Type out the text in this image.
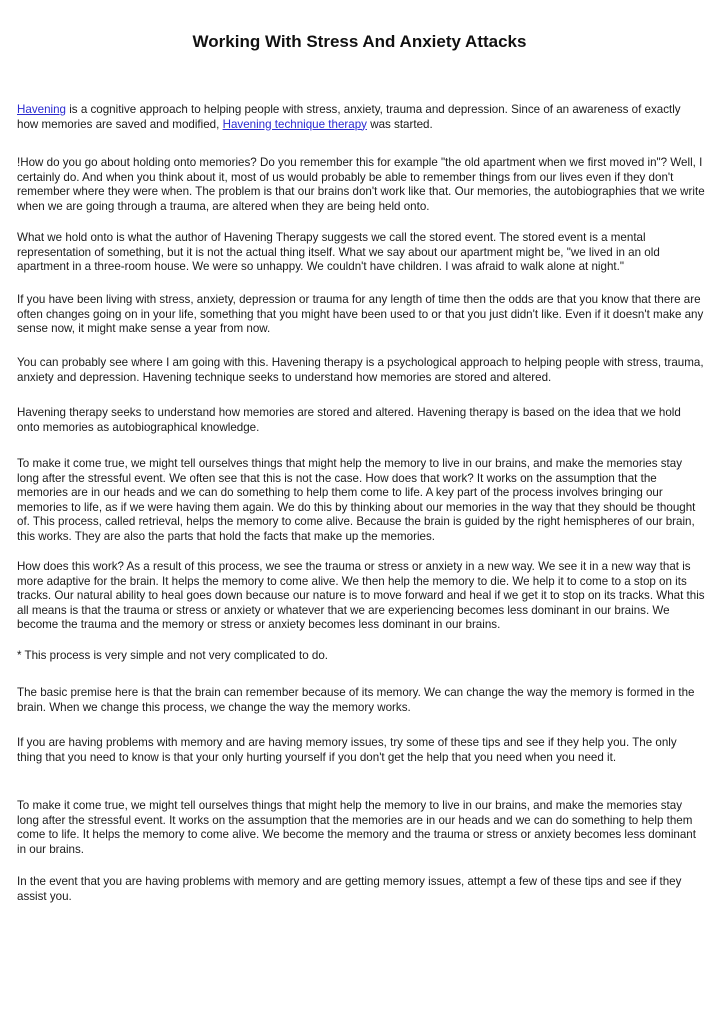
Working With Stress And Anxiety Attacks

Havening is a cognitive approach to helping people with stress, anxiety, trauma and depression. Since of an awareness of exactly how memories are saved and modified, Havening technique therapy was started.

!How do you go about holding onto memories? Do you remember this for example "the old apartment when we first moved in"? Well, I certainly do. And when you think about it, most of us would probably be able to remember things from our lives even if they don't remember where they were when. The problem is that our brains don't work like that. Our memories, the autobiographies that we write when we are going through a trauma, are altered when they are being held onto.

What we hold onto is what the author of Havening Therapy suggests we call the stored event. The stored event is a mental representation of something, but it is not the actual thing itself. What we say about our apartment might be, "we lived in an old apartment in a three-room house. We were so unhappy. We couldn't have children. I was afraid to walk alone at night."

If you have been living with stress, anxiety, depression or trauma for any length of time then the odds are that you know that there are often changes going on in your life, something that you might have been used to or that you just didn't like. Even if it doesn't make any sense now, it might make sense a year from now.

You can probably see where I am going with this. Havening therapy is a psychological approach to helping people with stress, trauma, anxiety and depression. Havening technique seeks to understand how memories are stored and altered.

Havening therapy seeks to understand how memories are stored and altered. Havening therapy is based on the idea that we hold onto memories as autobiographical knowledge.

To make it come true, we might tell ourselves things that might help the memory to live in our brains, and make the memories stay long after the stressful event. We often see that this is not the case. How does that work? It works on the assumption that the memories are in our heads and we can do something to help them come to life. A key part of the process involves bringing our memories to life, as if we were having them again. We do this by thinking about our memories in the way that they should be thought of. This process, called retrieval, helps the memory to come alive. Because the brain is guided by the right hemispheres of our brain, this works. They are also the parts that hold the facts that make up the memories.

How does this work? As a result of this process, we see the trauma or stress or anxiety in a new way. We see it in a new way that is more adaptive for the brain. It helps the memory to come alive. We then help the memory to die. We help it to come to a stop on its tracks. Our natural ability to heal goes down because our nature is to move forward and heal if we get it to stop on its tracks. What this all means is that the trauma or stress or anxiety or whatever that we are experiencing becomes less dominant in our brains. We become the trauma and the memory or stress or anxiety becomes less dominant in our brains.

* This process is very simple and not very complicated to do.

The basic premise here is that the brain can remember because of its memory. We can change the way the memory is formed in the brain. When we change this process, we change the way the memory works.

If you are having problems with memory and are having memory issues, try some of these tips and see if they help you. The only thing that you need to know is that your only hurting yourself if you don't get the help that you need when you need it.

To make it come true, we might tell ourselves things that might help the memory to live in our brains, and make the memories stay long after the stressful event. It works on the assumption that the memories are in our heads and we can do something to help them come to life. It helps the memory to come alive. We become the memory and the trauma or stress or anxiety becomes less dominant in our brains.

In the event that you are having problems with memory and are getting memory issues, attempt a few of these tips and see if they assist you.
